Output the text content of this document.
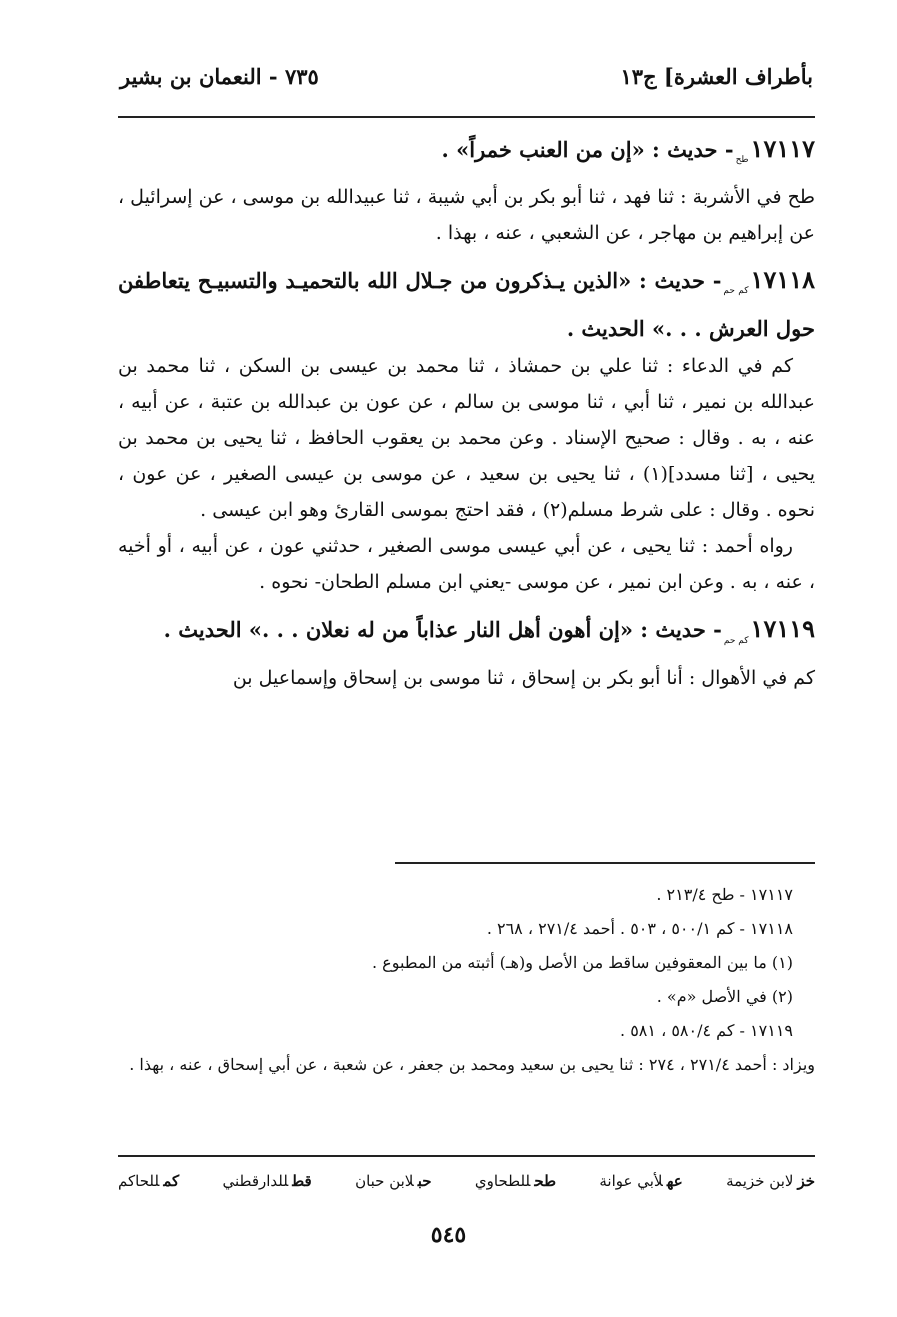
بأطراف العشرة] ج١٣
٧٣٥ - النعمان بن بشير
$١٧١١٧_{طح}-$ حديث : «إن من العنب خمراً» .

طح في الأشربة : ثنا فهد ، ثنا أبو بكر بن أبي شيبة ، ثنا عبيدالله بن موسى ، عن إسرائيل ، عن إبراهيم بن مهاجر ، عن الشعبي ، عنه ، بهذا .

$١٧١١٨_{كم حم}-$ حديث : «الذين يـذكرون من جـلال الله بالتحميـد والتسبيـح يتعاطفن حول العرش . . .» الحديث .

كم في الدعاء : ثنا علي بن حمشاذ ، ثنا محمد بن عيسى بن السكن ، ثنا محمد بن عبدالله بن نمير ، ثنا أبي ، ثنا موسى بن سالم ، عن عون بن عبدالله بن عتبة ، عن أبيه ، عنه ، به . وقال : صحيح الإسناد . وعن محمد بن يعقوب الحافظ ، ثنا يحيى بن محمد بن يحيى ، [ثنا مسدد](١) ، ثنا يحيى بن سعيد ، عن موسى بن عيسى الصغير ، عن عون ، نحوه . وقال : على شرط مسلم(٢) ، فقد احتج بموسى القارئ وهو ابن عيسى .

رواه أحمد : ثنا يحيى ، عن أبي عيسى موسى الصغير ، حدثني عون ، عن أبيه ، أو أخيه ، عنه ، به . وعن ابن نمير ، عن موسى -يعني ابن مسلم الطحان- نحوه .

$١٧١١٩_{كم حم}-$ حديث : «إن أهون أهل النار عذاباً من له نعلان . . .» الحديث .

كم في الأهوال : أنا أبو بكر بن إسحاق ، ثنا موسى بن إسحاق وإسماعيل بن

١٧١١٧ - طح ٢١٣/٤ .

١٧١١٨ - كم ٥٠٠/١ ، ٥٠٣ . أحمد ٢٧١/٤ ، ٢٦٨ .

(١) ما بين المعقوفين ساقط من الأصل و(هـ) أثبته من المطبوع .

(٢) في الأصل «م» .

١٧١١٩ - كم ٥٨٠/٤ ، ٥٨١ .

ويزاد : أحمد ٢٧١/٤ ، ٢٧٤ : ثنا يحيى بن سعيد ومحمد بن جعفر ، عن شعبة ، عن أبي إسحاق ، عنه ، بهذا .

خزلابن خزيمة
عهلأبي عوانة
طحللطحاوي
حبلابن حبان
قطللدارقطني
كمللحاكم
٥٤٥
